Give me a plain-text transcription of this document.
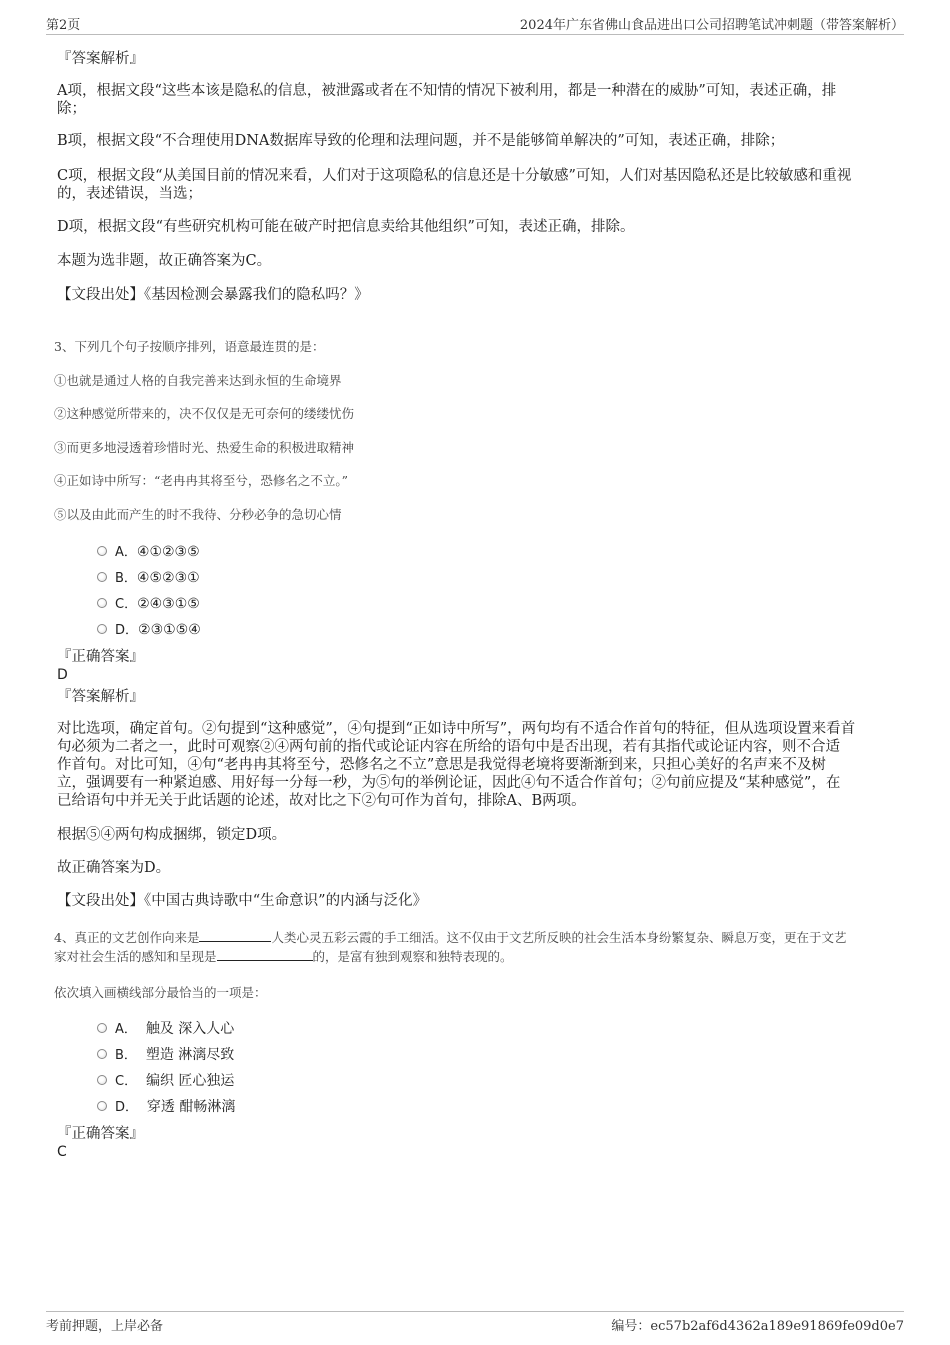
第2页	2024年广东省佛山食品进出口公司招聘笔试冲刺题（带答案解析）
『答案解析』
A项，根据文段“这些本该是隐私的信息，被泄露或者在不知情的情况下被利用，都是一种潜在的威胁”可知，表述正确，排
除；
B项，根据文段“不合理使用DNA数据库导致的伦理和法理问题，并不是能够简单解决的”可知，表述正确，排除；
C项，根据文段“从美国目前的情况来看，人们对于这项隐私的信息还是十分敏感”可知，人们对基因隐私还是比较敏感和重视
的，表述错误，当选；
D项，根据文段“有些研究机构可能在破产时把信息卖给其他组织”可知，表述正确，排除。
本题为选非题，故正确答案为C。
【文段出处】《基因检测会暴露我们的隐私吗？》
3、下列几个句子按顺序排列，语意最连贯的是：
①也就是通过人格的自我完善来达到永恒的生命境界
②这种感觉所带来的，决不仅仅是无可奈何的缕缕忧伤
③而更多地浸透着珍惜时光、热爱生命的积极进取精神
④正如诗中所写：“老冉冉其将至兮，恐修名之不立。”
⑤以及由此而产生的时不我待、分秒必争的急切心情
A．④①②③⑤
B．④⑤②③①
C．②④③①⑤
D．②③①⑤④
『正确答案』
D
『答案解析』
对比选项，确定首句。②句提到“这种感觉”，④句提到“正如诗中所写”，两句均有不适合作首句的特征，但从选项设置来看首
句必须为二者之一，此时可观察②④两句前的指代或论证内容在所给的语句中是否出现，若有其指代或论证内容，则不合适
作首句。对比可知，④句“老冉冉其将至兮，恐修名之不立”意思是我觉得老境将要渐渐到来，只担心美好的名声来不及树
立，强调要有一种紧迫感、用好每一分每一秒，为⑤句的举例论证，因此④句不适合作首句；②句前应提及“某种感觉”，在
已给语句中并无关于此话题的论述，故对比之下②句可作为首句，排除A、B两项。
根据⑤④两句构成捆绑，锁定D项。
故正确答案为D。
【文段出处】《中国古典诗歌中“生命意识”的内涵与泛化》
4、真正的文艺创作向来是	人类心灵五彩云霞的手工细活。这不仅由于文艺所反映的社会生活本身纷繁复杂、瞬息万变，更在于文艺
家对社会生活的感知和呈现是	的，是富有独到观察和独特表现的。
依次填入画横线部分最恰当的一项是：
A． 触及 深入人心
B． 塑造 淋漓尽致
C． 编织 匠心独运
D． 穿透 酣畅淋漓
『正确答案』
C
考前押题，上岸必备	编号：ec57b2af6d4362a189e91869fe09d0e7
